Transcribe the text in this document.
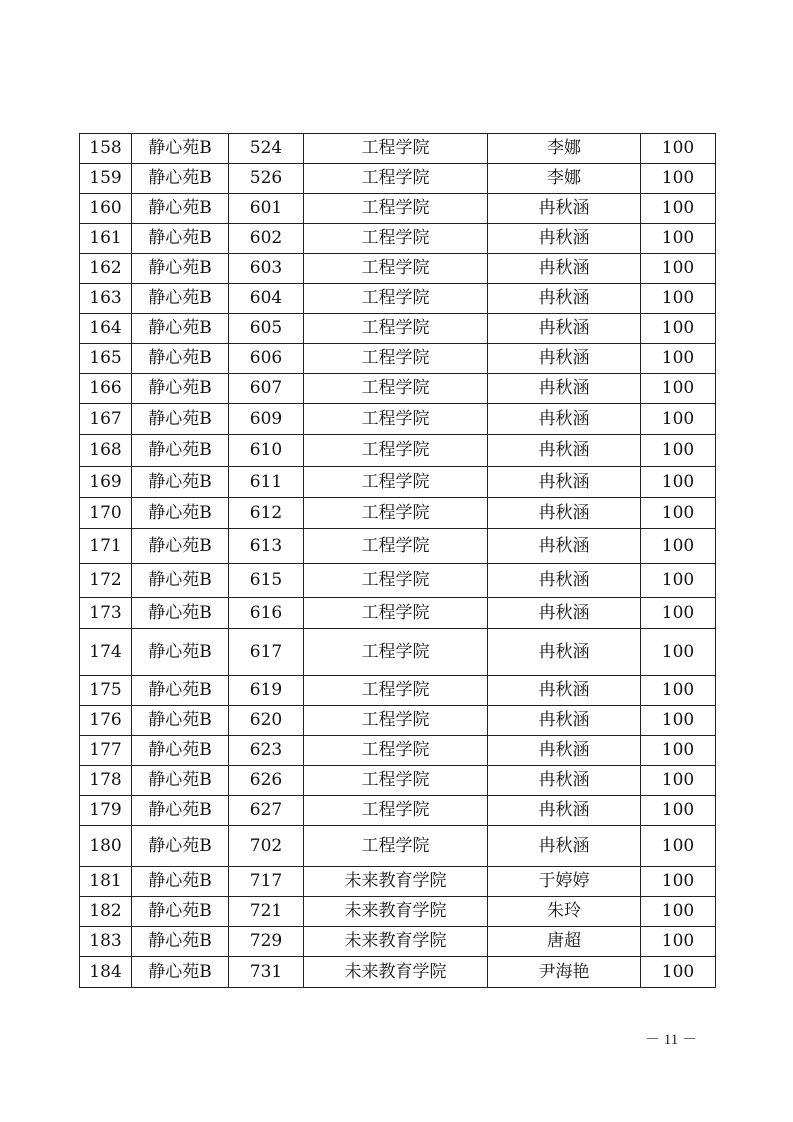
158	静心苑B	524	工程学院	李娜	100
159	静心苑B	526	工程学院	李娜	100
160	静心苑B	601	工程学院	冉秋涵	100
161	静心苑B	602	工程学院	冉秋涵	100
162	静心苑B	603	工程学院	冉秋涵	100
163	静心苑B	604	工程学院	冉秋涵	100
164	静心苑B	605	工程学院	冉秋涵	100
165	静心苑B	606	工程学院	冉秋涵	100
166	静心苑B	607	工程学院	冉秋涵	100
167	静心苑B	609	工程学院	冉秋涵	100
168	静心苑B	610	工程学院	冉秋涵	100
169	静心苑B	611	工程学院	冉秋涵	100
170	静心苑B	612	工程学院	冉秋涵	100
171	静心苑B	613	工程学院	冉秋涵	100
172	静心苑B	615	工程学院	冉秋涵	100
173	静心苑B	616	工程学院	冉秋涵	100
174	静心苑B	617	工程学院	冉秋涵	100
175	静心苑B	619	工程学院	冉秋涵	100
176	静心苑B	620	工程学院	冉秋涵	100
177	静心苑B	623	工程学院	冉秋涵	100
178	静心苑B	626	工程学院	冉秋涵	100
179	静心苑B	627	工程学院	冉秋涵	100
180	静心苑B	702	工程学院	冉秋涵	100
181	静心苑B	717	未来教育学院	于婷婷	100
182	静心苑B	721	未来教育学院	朱玲	100
183	静心苑B	729	未来教育学院	唐超	100
184	静心苑B	731	未来教育学院	尹海艳	100
－ 11 －
